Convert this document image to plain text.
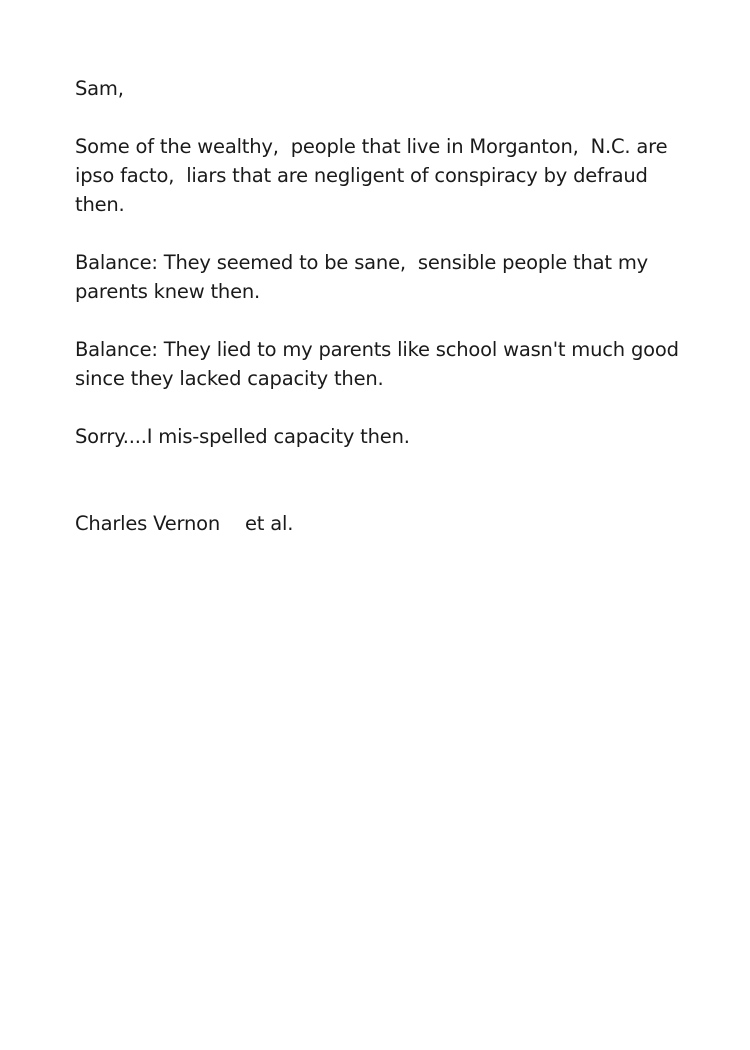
Sam,
Some of the wealthy,  people that live in Morganton,  N.C. are
ipso facto,  liars that are negligent of conspiracy by defraud
then.
Balance: They seemed to be sane,  sensible people that my
parents knew then.
Balance: They lied to my parents like school wasn't much good
since they lacked capacity then.
Sorry....I mis-spelled capacity then.
Charles Vernon	et al.
